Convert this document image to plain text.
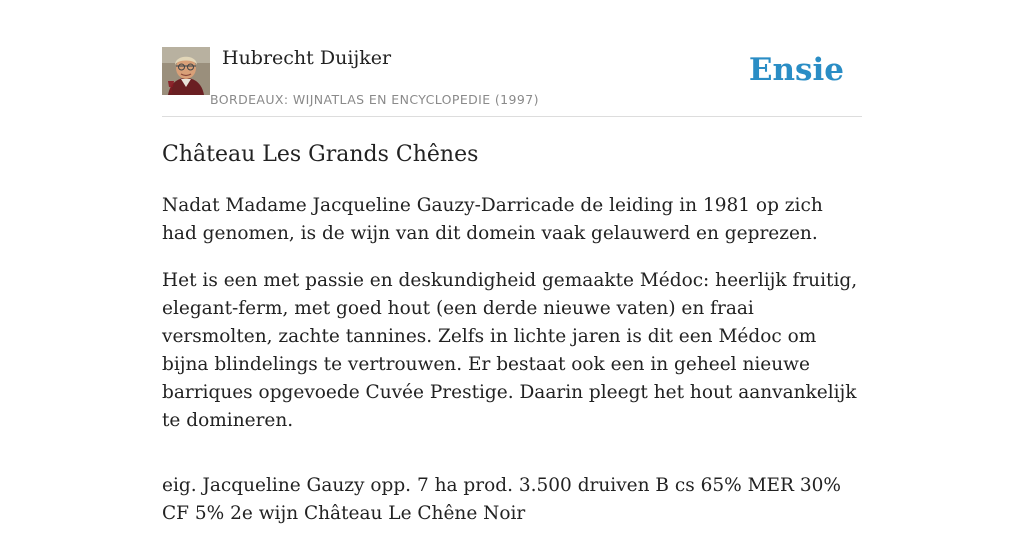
Hubrecht Duijker
BORDEAUX: WIJNATLAS EN ENCYCLOPEDIE (1997)
Ensie
Château Les Grands Chênes

Nadat Madame Jacqueline Gauzy-Darricade de leiding in 1981 op zich had genomen, is de wijn van dit domein vaak gelauwerd en geprezen.

Het is een met passie en deskundigheid gemaakte Médoc: heerlijk fruitig, elegant-ferm, met goed hout (een derde nieuwe vaten) en fraai versmolten, zachte tannines. Zelfs in lichte jaren is dit een Médoc om bijna blindelings te vertrouwen. Er bestaat ook een in geheel nieuwe barriques opgevoede Cuvée Prestige. Daarin pleegt het hout aanvankelijk te domineren.

eig. Jacqueline Gauzy opp. 7 ha prod. 3.500 druiven B cs 65% MER 30% CF 5% 2e wijn Château Le Chêne Noir
